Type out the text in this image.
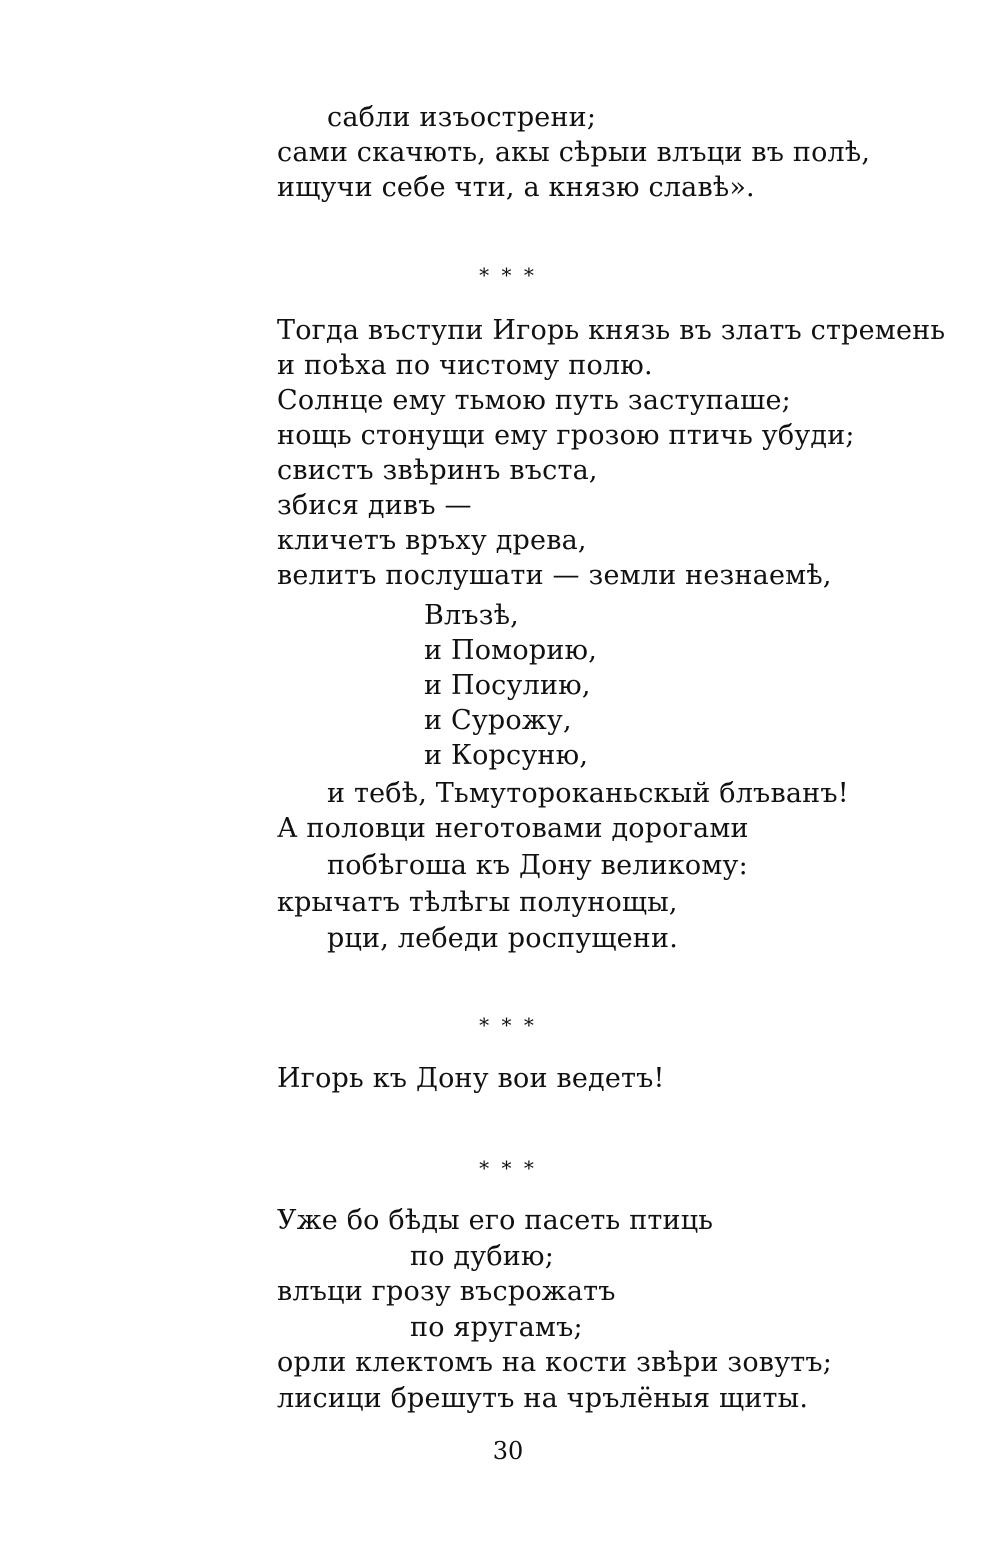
сабли изъострени;
сами скачють, акы сѣрыи влъци въ полѣ,
ищучи себе чти, а князю славѣ».
* * *
Тогда въступи Игорь князь въ златъ стремень
и поѣха по чистому полю.
Солнце ему тьмою путь заступаше;
нощь стонущи ему грозою птичь убуди;
свистъ звѣринъ въста,
збися дивъ —
кличетъ връху древа,
велитъ послушати — земли незнаемѣ,
Влъзѣ,
и Поморию,
и Посулию,
и Сурожу,
и Корсуню,
и тебѣ, Тьмутороканьскый блъванъ!
А половци неготовами дорогами
побѣгоша къ Дону великому:
крычатъ тѣлѣгы полунощы,
рци, лебеди роспущени.
* * *
Игорь къ Дону вои ведетъ!
* * *
Уже бо бѣды его пасеть птиць
по дубию;
влъци грозу въсрожатъ
по яругамъ;
орли клектомъ на кости звѣри зовутъ;
лисици брешутъ на чрълёныя щиты.
30
